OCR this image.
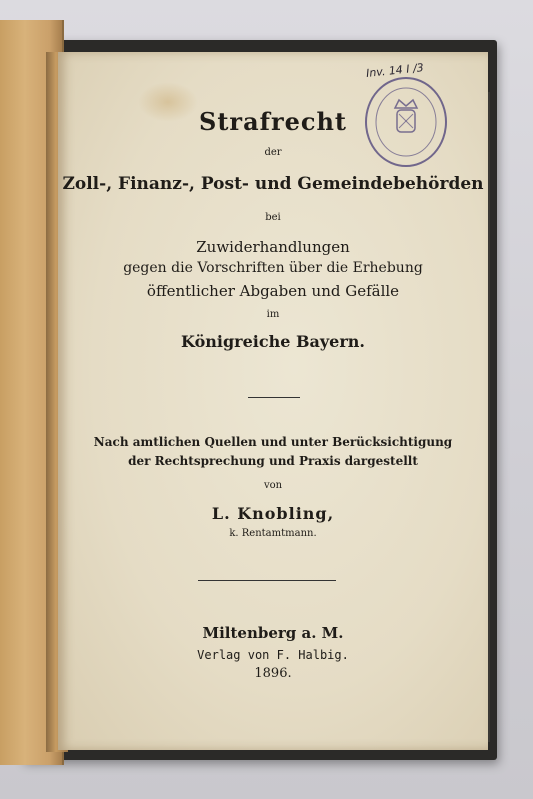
Strafrecht
der
Zoll-, Finanz-, Post- und Gemeindebehörden
bei
Zuwiderhandlungen
gegen die Vorschriften über die Erhebung
öffentlicher Abgaben und Gefälle
im
Königreiche Bayern.
Nach amtlichen Quellen und unter Berücksichtigung
der Rechtsprechung und Praxis dargestellt
von
L. Knobling,
k. Rentamtmann.
Miltenberg a. M.
Verlag von F. Halbig.
1896.
Inv. 14 I /3
